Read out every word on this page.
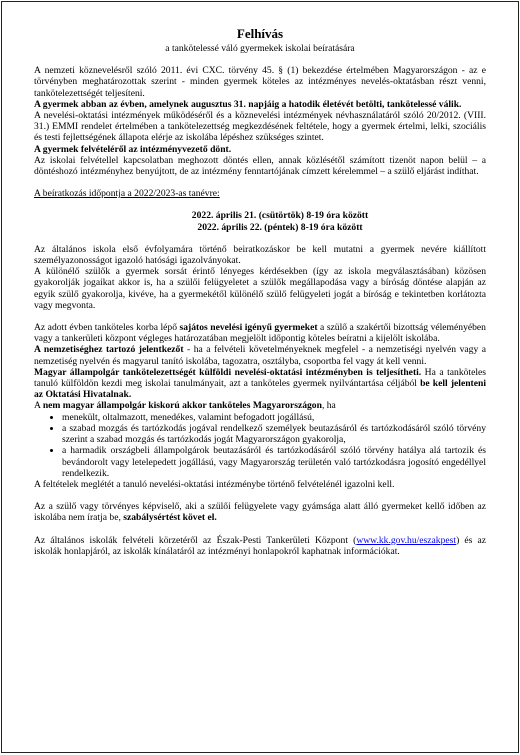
Felhívás
a tankötelessé váló gyermekek iskolai beíratására

A nemzeti köznevelésről szóló 2011. évi CXC. törvény 45. § (1) bekezdése értelmében Magyarországon - az e törvényben meghatározottak szerint - minden gyermek köteles az intézményes nevelés-oktatásban részt venni, tankötelezettségét teljesíteni.

A gyermek abban az évben, amelynek augusztus 31. napjáig a hatodik életévét betölti, tankötelessé válik.

A nevelési-oktatási intézmények működéséről és a köznevelési intézmények névhasználatáról szóló 20/2012. (VIII. 31.) EMMI rendelet értelmében a tankötelezettség megkezdésének feltétele, hogy a gyermek értelmi, lelki, szociális és testi fejlettségének állapota elérje az iskolába lépéshez szükséges szintet.

A gyermek felvételéről az intézményvezető dönt.

Az iskolai felvétellel kapcsolatban meghozott döntés ellen, annak közlésétől számított tizenöt napon belül – a döntéshozó intézményhez benyújtott, de az intézmény fenntartójának címzett kérelemmel – a szülő eljárást indíthat.

A beíratkozás időpontja a 2022/2023-as tanévre:

2022. április 21. (csütörtök) 8-19 óra között

2022. április 22. (péntek) 8-19 óra között

Az általános iskola első évfolyamára történő beiratkozáskor be kell mutatni a gyermek nevére kiállított személyazonosságot igazoló hatósági igazolványokat.

A különélő szülők a gyermek sorsát érintő lényeges kérdésekben (így az iskola megválasztásában) közösen gyakorolják jogaikat akkor is, ha a szülői felügyeletet a szülők megállapodása vagy a bíróság döntése alapján az egyik szülő gyakorolja, kivéve, ha a gyermekétől különélő szülő felügyeleti jogát a bíróság e tekintetben korlátozta vagy megvonta.

Az adott évben tanköteles korba lépő sajátos nevelési igényű gyermeket a szülő a szakértői bizottság véleményében vagy a tankerületi központ végleges határozatában megjelölt időpontig köteles beíratni a kijelölt iskolába.

A nemzetiséghez tartozó jelentkezőt - ha a felvételi követelményeknek megfelel - a nemzetiségi nyelvén vagy a nemzetiség nyelvén és magyarul tanító iskolába, tagozatra, osztályba, csoportba fel vagy át kell venni.

Magyar állampolgár tankötelezettségét külföldi nevelési-oktatási intézményben is teljesítheti. Ha a tanköteles tanuló külföldön kezdi meg iskolai tanulmányait, azt a tanköteles gyermek nyilvántartása céljából be kell jelenteni az Oktatási Hivatalnak.

A nem magyar állampolgár kiskorú akkor tanköteles Magyarországon, ha

• menekült, oltalmazott, menedékes, valamint befogadott jogállású,
• a szabad mozgás és tartózkodás jogával rendelkező személyek beutazásáról és tartózkodásáról szóló törvény szerint a szabad mozgás és tartózkodás jogát Magyarországon gyakorolja,
• a harmadik országbeli állampolgárok beutazásáról és tartózkodásáról szóló törvény hatálya alá tartozik és bevándorolt vagy letelepedett jogállású, vagy Magyarország területén való tartózkodásra jogosító engedéllyel rendelkezik.

A feltételek meglétét a tanuló nevelési-oktatási intézménybe történő felvételénél igazolni kell.

Az a szülő vagy törvényes képviselő, aki a szülői felügyelete vagy gyámsága alatt álló gyermeket kellő időben az iskolába nem íratja be, szabálysértést követ el.

Az általános iskolák felvételi körzetéről az Észak-Pesti Tankerületi Központ (www.kk.gov.hu/eszakpest) és az iskolák honlapjáról, az iskolák kínálatáról az intézményi honlapokról kaphatnak információkat.
